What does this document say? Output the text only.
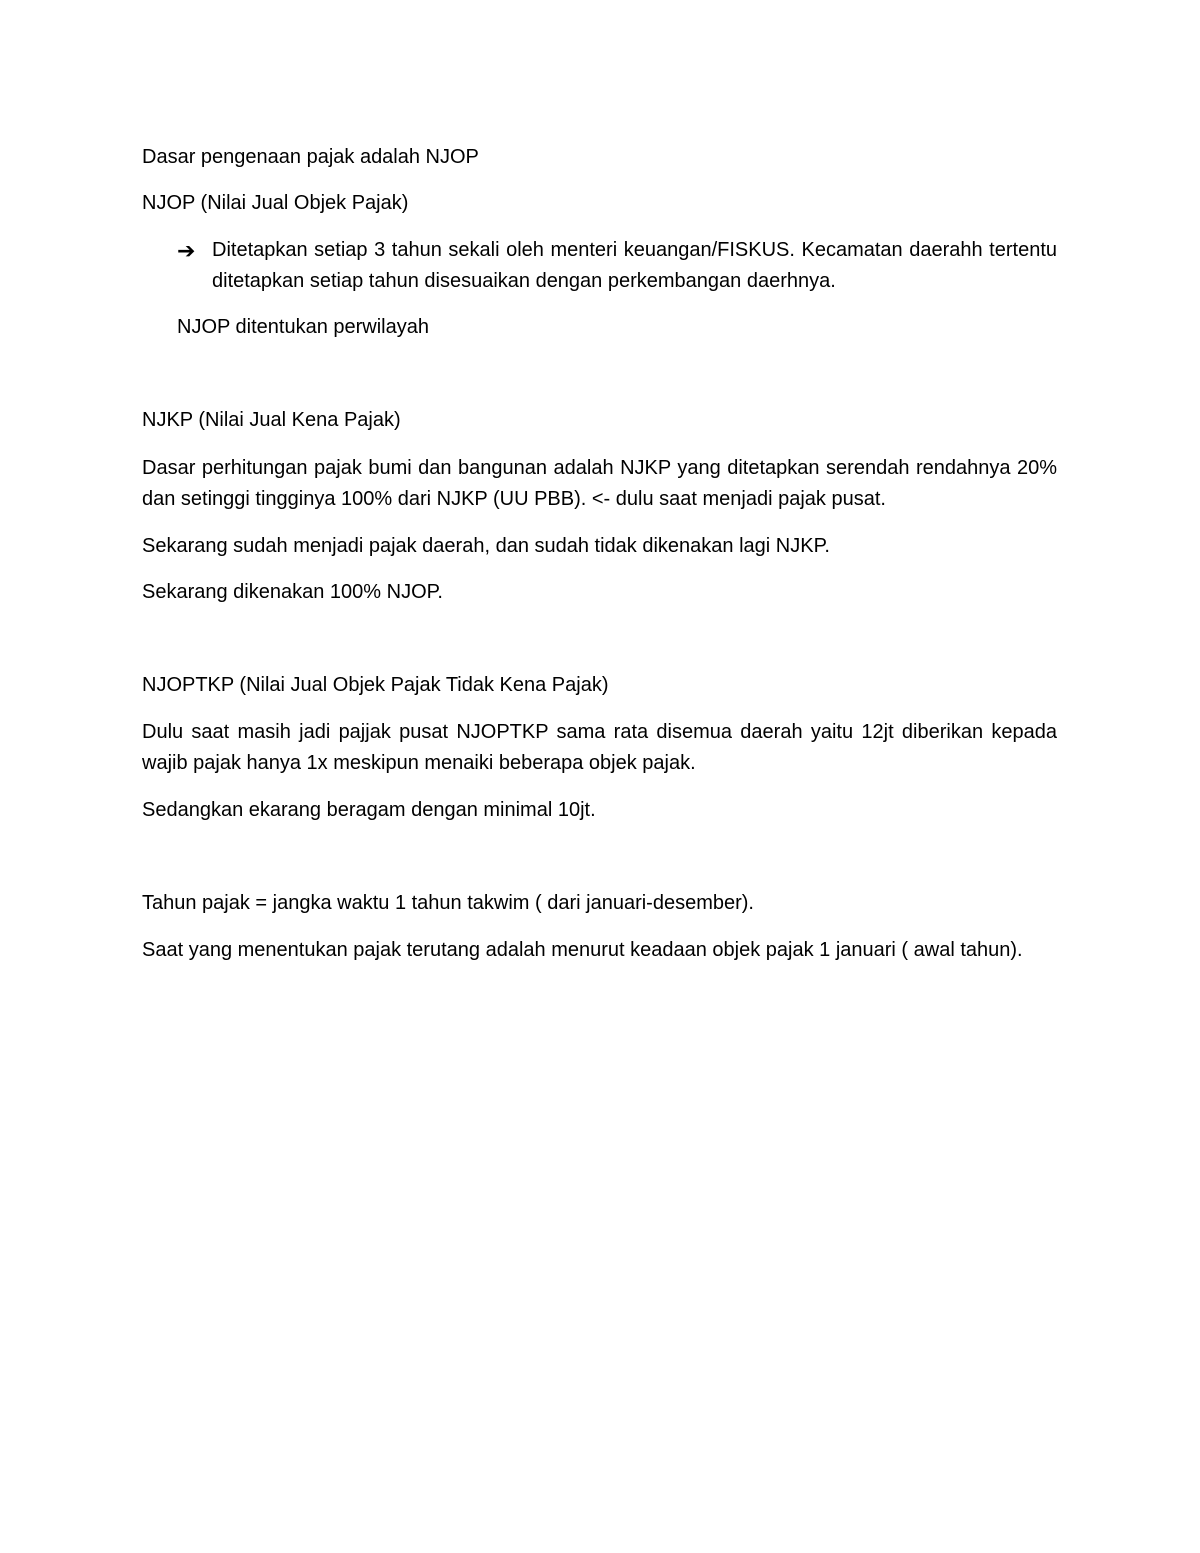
Dasar pengenaan pajak adalah NJOP

NJOP (Nilai Jual Objek Pajak)

➔ Ditetapkan setiap 3 tahun sekali oleh menteri keuangan/FISKUS. Kecamatan daerahh tertentu ditetapkan setiap tahun disesuaikan dengan perkembangan daerhnya.

NJOP ditentukan perwilayah

NJKP (Nilai Jual Kena Pajak)

Dasar perhitungan pajak bumi dan bangunan adalah NJKP yang ditetapkan serendah rendahnya 20% dan setinggi tingginya 100% dari NJKP (UU PBB). <- dulu saat menjadi pajak pusat.

Sekarang sudah menjadi pajak daerah, dan sudah tidak dikenakan lagi NJKP.

Sekarang dikenakan 100% NJOP.

NJOPTKP (Nilai Jual Objek Pajak Tidak Kena Pajak)

Dulu saat masih jadi pajjak pusat NJOPTKP sama rata disemua daerah yaitu 12jt diberikan kepada wajib pajak hanya 1x meskipun menaiki beberapa objek pajak.

Sedangkan ekarang beragam dengan minimal 10jt.

Tahun pajak = jangka waktu 1 tahun takwim ( dari januari-desember).

Saat yang menentukan pajak terutang adalah menurut keadaan objek pajak 1 januari ( awal tahun).
